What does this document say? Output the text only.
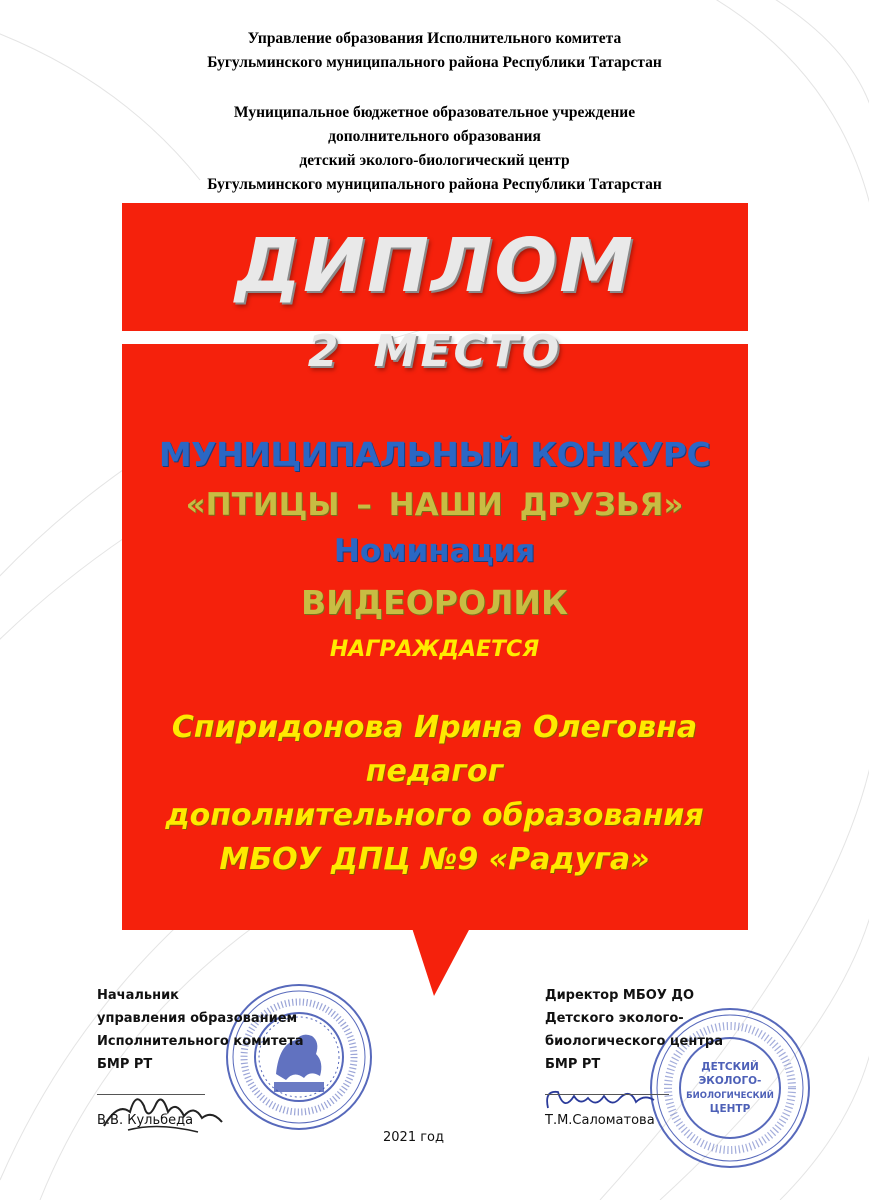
Управление образования Исполнительного комитета
Бугульминского муниципального района Республики Татарстан
Муниципальное бюджетное образовательное учреждение
дополнительного образования
детский эколого-биологический центр
Бугульминского муниципального района Республики Татарстан
ДИПЛОМ
2 МЕСТО
МУНИЦИПАЛЬНЫЙ КОНКУРС
«ПТИЦЫ – НАШИ ДРУЗЬЯ»
Номинация
ВИДЕОРОЛИК
НАГРАЖДАЕТСЯ
Спиридонова Ирина Олеговна
педагог
дополнительного образования
МБОУ ДПЦ №9 «Радуга»
ДЕТСКИЙ
ЭКОЛОГО-
БИОЛОГИЧЕСКИЙ
ЦЕНТР
Начальник
управления образованием
Исполнительного комитета
БМР РТ
В.В. Кульбеда
2021 год
Директор МБОУ ДО
Детского эколого-
биологического центра
БМР РТ
Т.М.Саломатова
